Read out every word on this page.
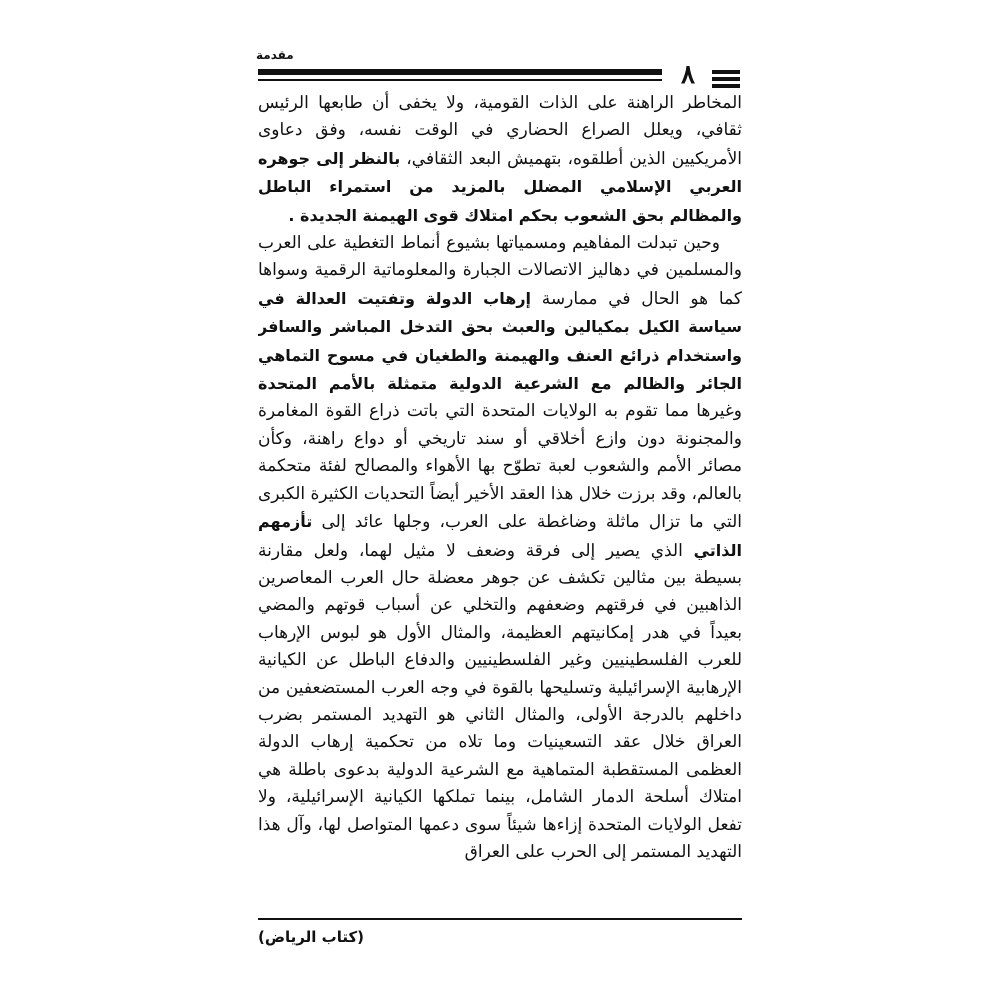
مقدمة
٨

المخاطر الراهنة على الذات القومية، ولا يخفى أن طابعها الرئيس ثقافي، ويعلل الصراع الحضاري في الوقت نفسه، وفق دعاوى الأمريكيين الذين أطلقوه، بتهميش البعد الثقافي، بالنظر إلى جوهره العربي الإسلامي المضلل بالمزيد من استمراء الباطل والمظالم بحق الشعوب بحكم امتلاك قوى الهيمنة الجديدة .

وحين تبدلت المفاهيم ومسمياتها بشيوع أنماط التغطية على العرب والمسلمين في دهاليز الاتصالات الجبارة والمعلوماتية الرقمية وسواها كما هو الحال في ممارسة إرهاب الدولة وتفتيت العدالة في سياسة الكيل بمكيالين والعبث بحق التدخل المباشر والسافر واستخدام ذرائع العنف والهيمنة والطغيان في مسوح التماهي الجائر والظالم مع الشرعية الدولية متمثلة بالأمم المتحدة وغيرها مما تقوم به الولايات المتحدة التي باتت ذراع القوة المغامرة والمجنونة دون وازع أخلاقي أو سند تاريخي أو دواع راهنة، وكأن مصائر الأمم والشعوب لعبة تطوّح بها الأهواء والمصالح لفئة متحكمة بالعالم، وقد برزت خلال هذا العقد الأخير أيضاً التحديات الكثيرة الكبرى التي ما تزال ماثلة وضاغطة على العرب، وجلها عائد إلى تأزمهم الذاتي الذي يصير إلى فرقة وضعف لا مثيل لهما، ولعل مقارنة بسيطة بين مثالين تكشف عن جوهر معضلة حال العرب المعاصرين الذاهبين في فرقتهم وضعفهم والتخلي عن أسباب قوتهم والمضي بعيداً في هدر إمكانيتهم العظيمة، والمثال الأول هو لبوس الإرهاب للعرب الفلسطينيين وغير الفلسطينيين والدفاع الباطل عن الكيانية الإرهابية الإسرائيلية وتسليحها بالقوة في وجه العرب المستضعفين من داخلهم بالدرجة الأولى، والمثال الثاني هو التهديد المستمر بضرب العراق خلال عقد التسعينيات وما تلاه من تحكمية إرهاب الدولة العظمى المستقطبة المتماهية مع الشرعية الدولية بدعوى باطلة هي امتلاك أسلحة الدمار الشامل، بينما تملكها الكيانية الإسرائيلية، ولا تفعل الولايات المتحدة إزاءها شيئاً سوى دعمها المتواصل لها، وآل هذا التهديد المستمر إلى الحرب على العراق

(كتاب الرياض)
